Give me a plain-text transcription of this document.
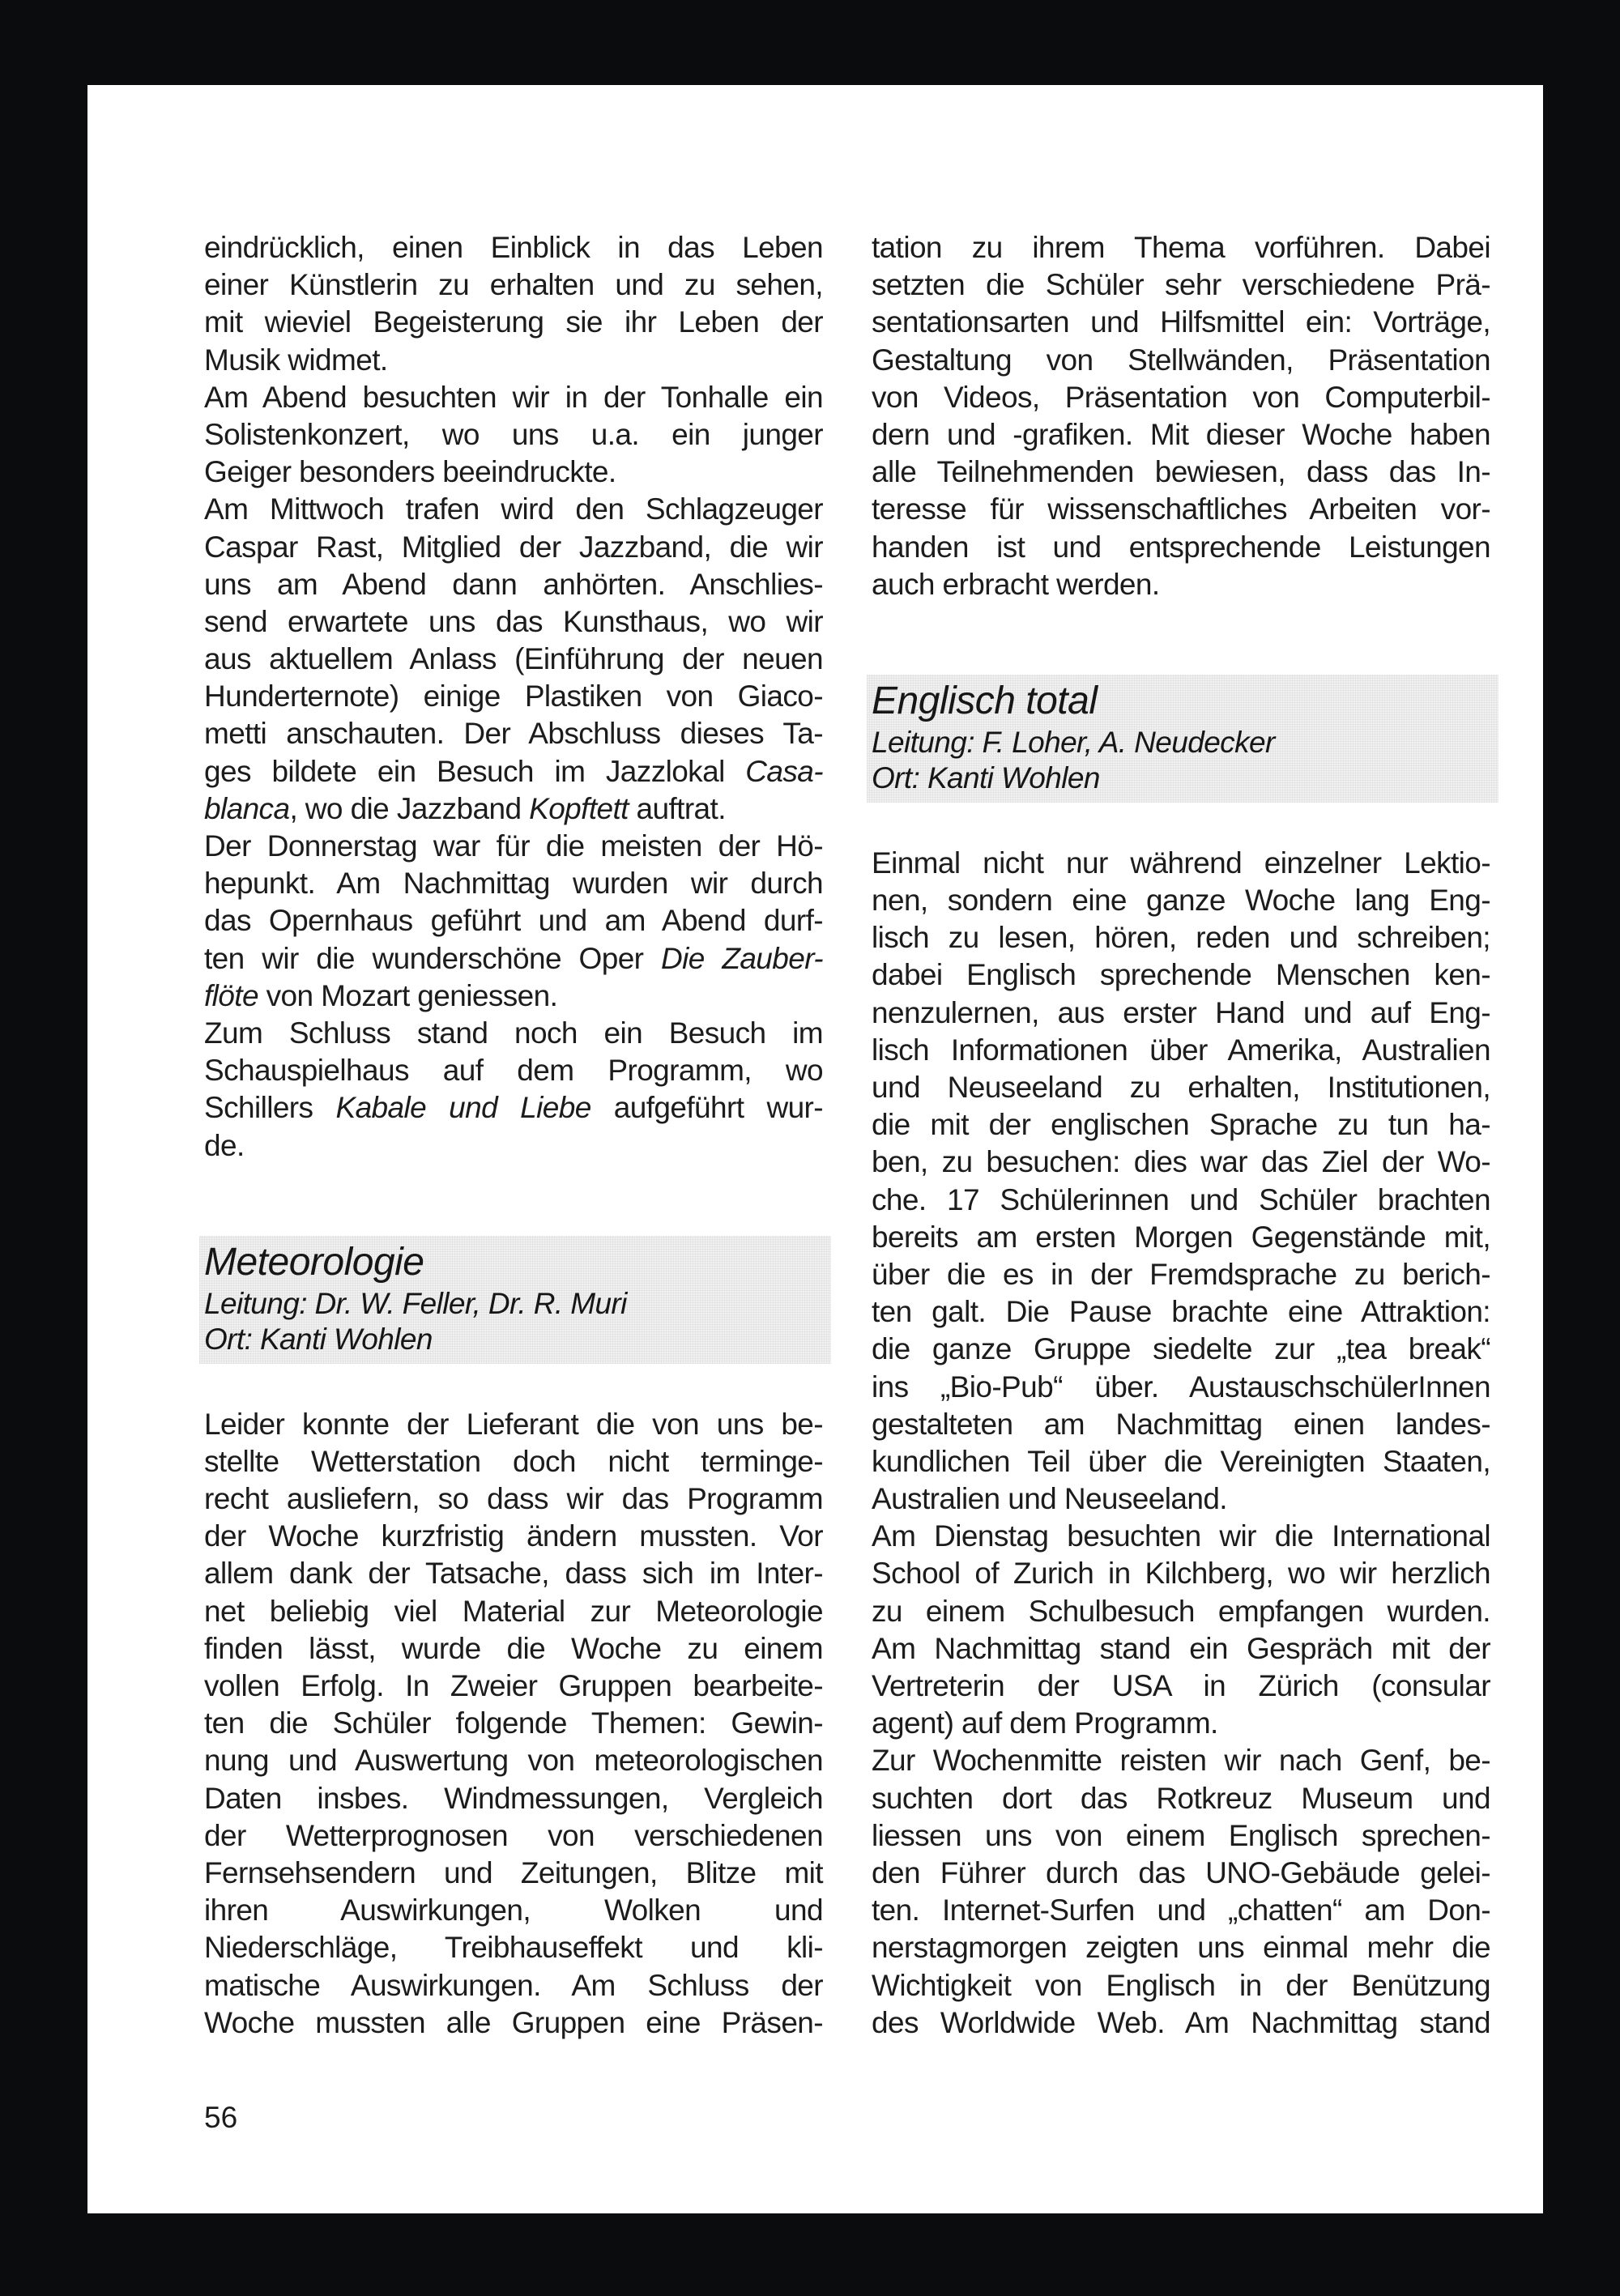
eindrücklich, einen Einblick in das Leben
einer Künstlerin zu erhalten und zu sehen,
mit wieviel Begeisterung sie ihr Leben der
Musik widmet.
Am Abend besuchten wir in der Tonhalle ein
Solistenkonzert, wo uns u.a. ein junger
Geiger besonders beeindruckte.
Am Mittwoch trafen wird den Schlagzeuger
Caspar Rast, Mitglied der Jazzband, die wir
uns am Abend dann anhörten. Anschlies-
send erwartete uns das Kunsthaus, wo wir
aus aktuellem Anlass (Einführung der neuen
Hunderternote) einige Plastiken von Giaco-
metti anschauten. Der Abschluss dieses Ta-
ges bildete ein Besuch im Jazzlokal Casa-
blanca, wo die Jazzband Kopftett auftrat.
Der Donnerstag war für die meisten der Hö-
hepunkt. Am Nachmittag wurden wir durch
das Opernhaus geführt und am Abend durf-
ten wir die wunderschöne Oper Die Zauber-
flöte von Mozart geniessen.
Zum Schluss stand noch ein Besuch im
Schauspielhaus auf dem Programm, wo
Schillers Kabale und Liebe aufgeführt wur-
de.
Meteorologie
Leitung: Dr. W. Feller, Dr. R. Muri
Ort: Kanti Wohlen
Leider konnte der Lieferant die von uns be-
stellte Wetterstation doch nicht terminge-
recht ausliefern, so dass wir das Programm
der Woche kurzfristig ändern mussten. Vor
allem dank der Tatsache, dass sich im Inter-
net beliebig viel Material zur Meteorologie
finden lässt, wurde die Woche zu einem
vollen Erfolg. In Zweier Gruppen bearbeite-
ten die Schüler folgende Themen: Gewin-
nung und Auswertung von meteorologischen
Daten insbes. Windmessungen, Vergleich
der Wetterprognosen von verschiedenen
Fernsehsendern und Zeitungen, Blitze mit
ihren Auswirkungen, Wolken und
Niederschläge, Treibhauseffekt und kli-
matische Auswirkungen. Am Schluss der
Woche mussten alle Gruppen eine Präsen-
tation zu ihrem Thema vorführen. Dabei
setzten die Schüler sehr verschiedene Prä-
sentationsarten und Hilfsmittel ein: Vorträge,
Gestaltung von Stellwänden, Präsentation
von Videos, Präsentation von Computerbil-
dern und -grafiken. Mit dieser Woche haben
alle Teilnehmenden bewiesen, dass das In-
teresse für wissenschaftliches Arbeiten vor-
handen ist und entsprechende Leistungen
auch erbracht werden.
Englisch total
Leitung: F. Loher, A. Neudecker
Ort: Kanti Wohlen
Einmal nicht nur während einzelner Lektio-
nen, sondern eine ganze Woche lang Eng-
lisch zu lesen, hören, reden und schreiben;
dabei Englisch sprechende Menschen ken-
nenzulernen, aus erster Hand und auf Eng-
lisch Informationen über Amerika, Australien
und Neuseeland zu erhalten, Institutionen,
die mit der englischen Sprache zu tun ha-
ben, zu besuchen: dies war das Ziel der Wo-
che. 17 Schülerinnen und Schüler brachten
bereits am ersten Morgen Gegenstände mit,
über die es in der Fremdsprache zu berich-
ten galt. Die Pause brachte eine Attraktion:
die ganze Gruppe siedelte zur „tea break“
ins „Bio-Pub“ über. AustauschschülerInnen
gestalteten am Nachmittag einen landes-
kundlichen Teil über die Vereinigten Staaten,
Australien und Neuseeland.
Am Dienstag besuchten wir die International
School of Zurich in Kilchberg, wo wir herzlich
zu einem Schulbesuch empfangen wurden.
Am Nachmittag stand ein Gespräch mit der
Vertreterin der USA in Zürich (consular
agent) auf dem Programm.
Zur Wochenmitte reisten wir nach Genf, be-
suchten dort das Rotkreuz Museum und
liessen uns von einem Englisch sprechen-
den Führer durch das UNO-Gebäude gelei-
ten. Internet-Surfen und „chatten“ am Don-
nerstagmorgen zeigten uns einmal mehr die
Wichtigkeit von Englisch in der Benützung
des Worldwide Web. Am Nachmittag stand
56
